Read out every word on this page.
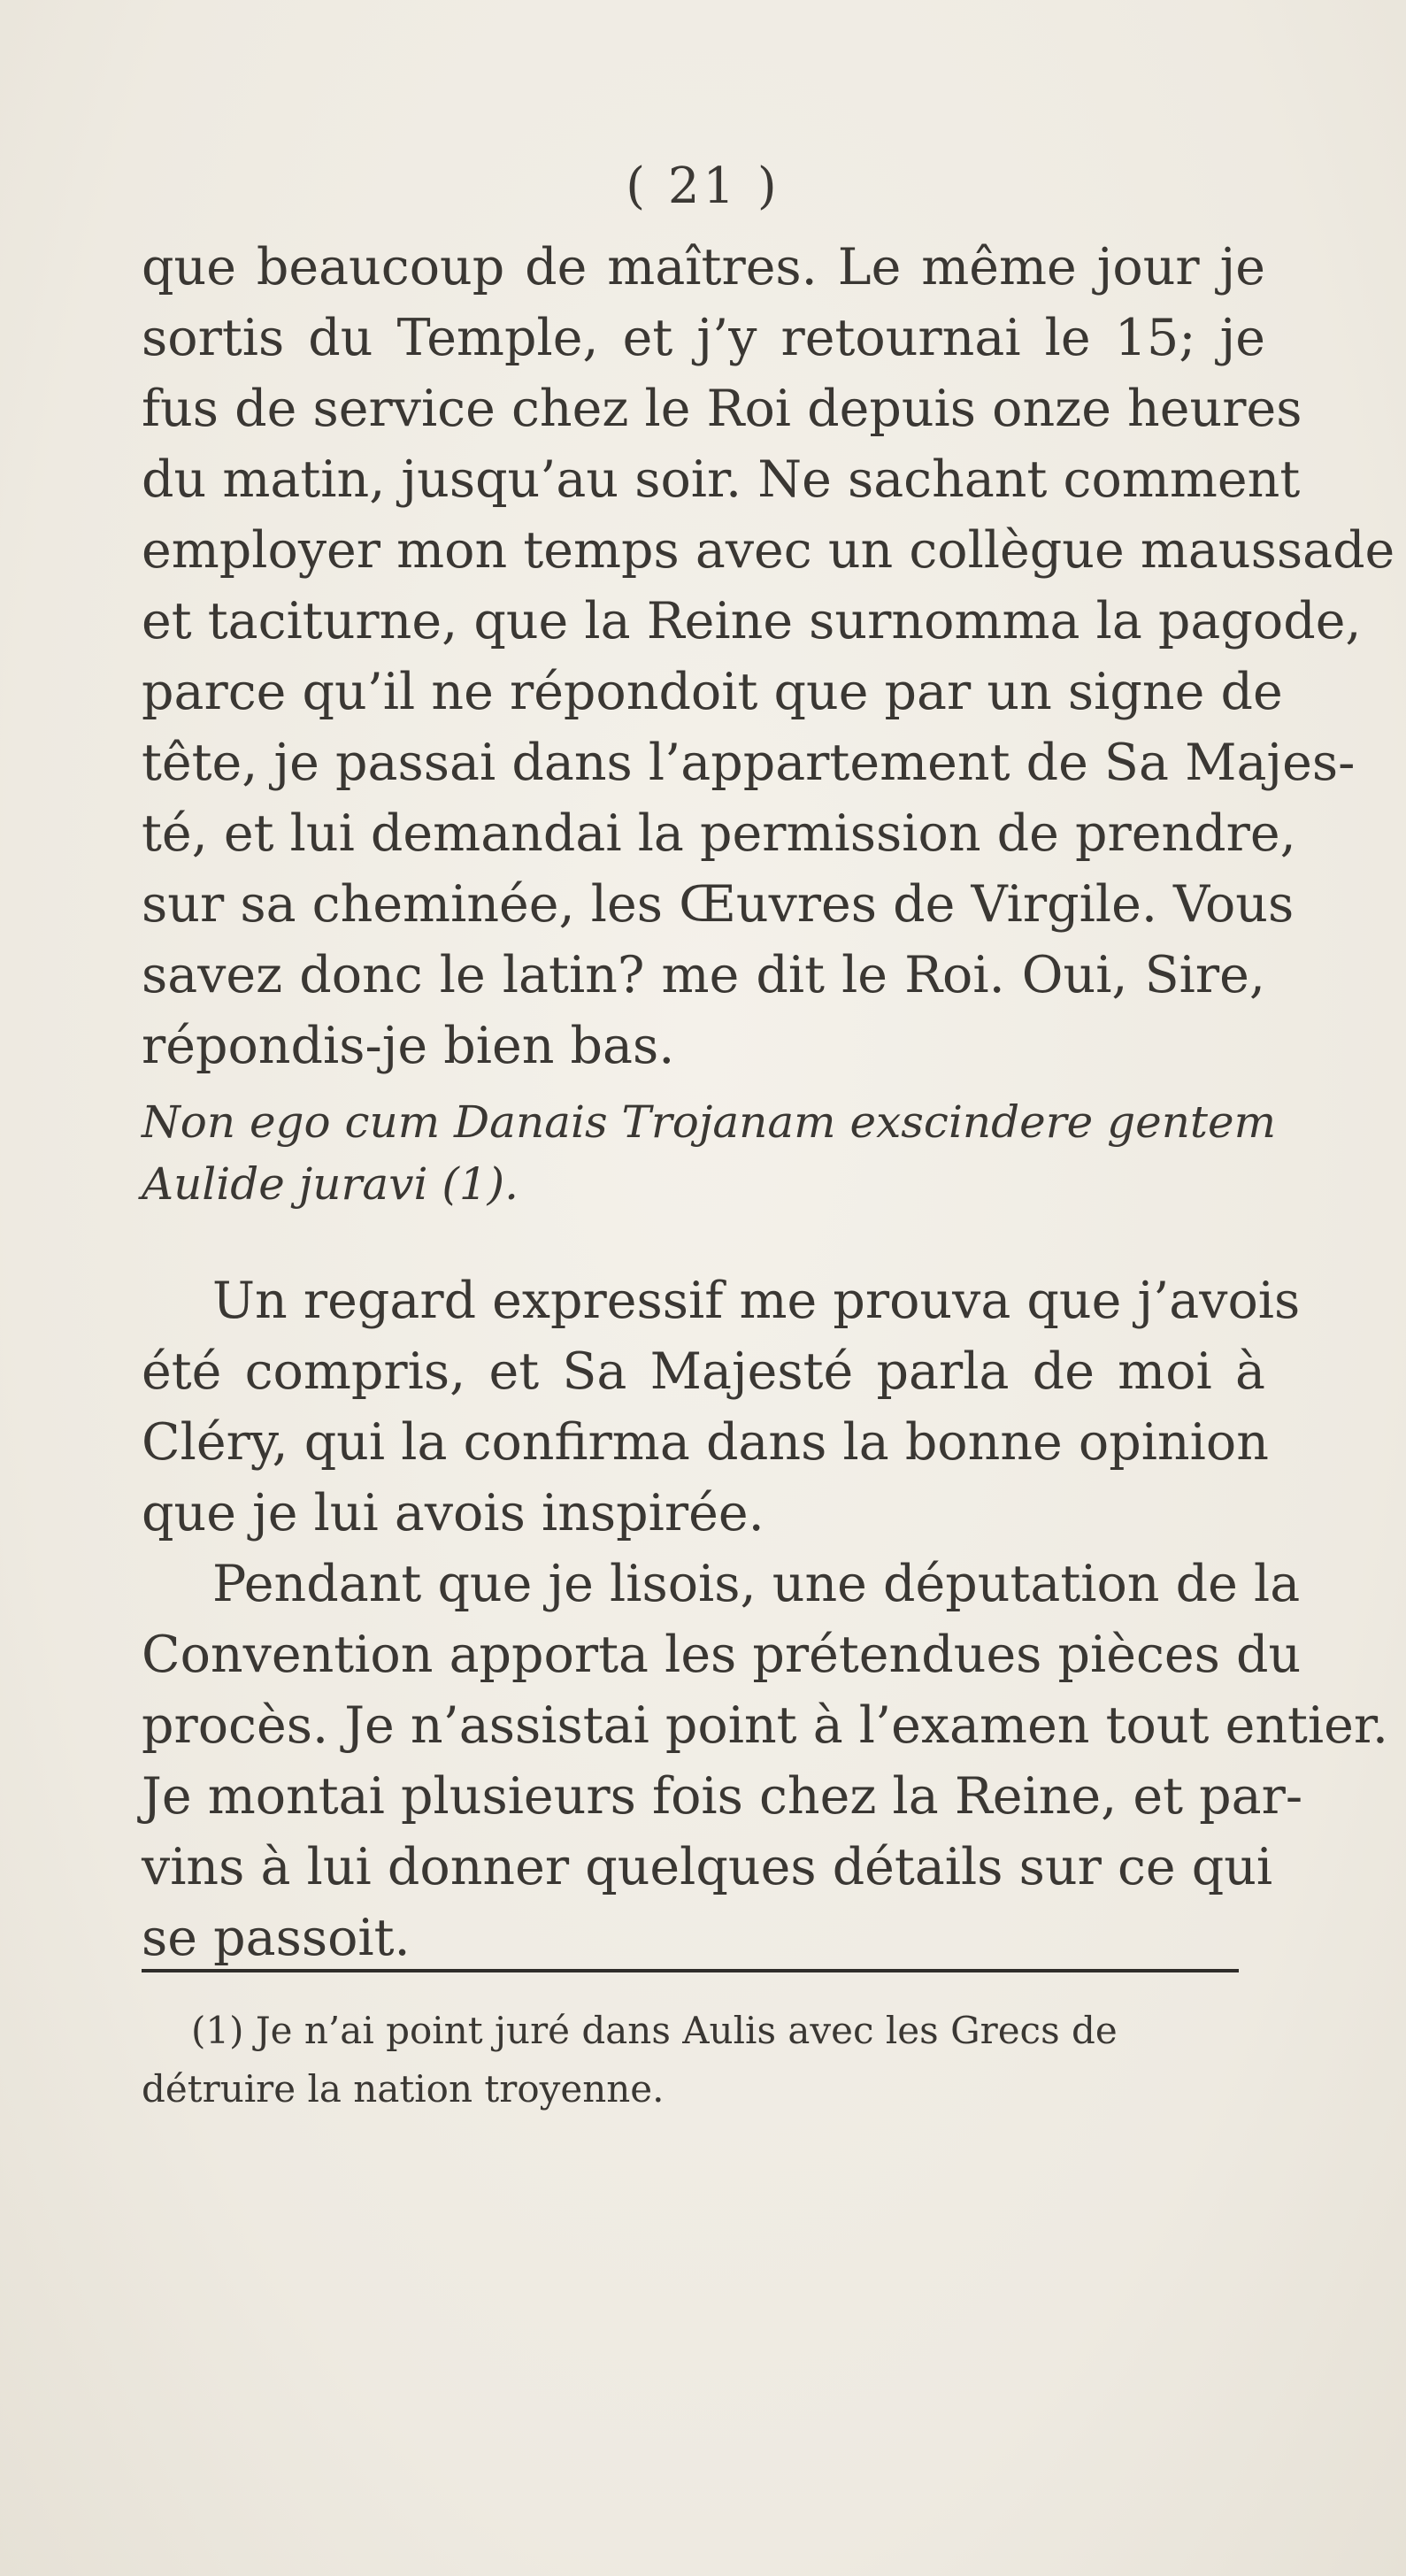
( 21 )
que beaucoup de maîtres. Le même jour je
sortis du Temple, et j’y retournai le 15; je
fus de service chez le Roi depuis onze heures
du matin, jusqu’au soir. Ne sachant comment
employer mon temps avec un collègue maussade
et taciturne, que la Reine surnomma la pagode,
parce qu’il ne répondoit que par un signe de
tête, je passai dans l’appartement de Sa Majes-
té, et lui demandai la permission de prendre,
sur sa cheminée, les Œuvres de Virgile. Vous
savez donc le latin? me dit le Roi. Oui, Sire,
répondis-je bien bas.
Non ego cum Danais Trojanam exscindere gentem
Aulide juravi (1).
Un regard expressif me prouva que j’avois
été compris, et Sa Majesté parla de moi à
Cléry, qui la confirma dans la bonne opinion
que je lui avois inspirée.
Pendant que je lisois, une députation de la
Convention apporta les prétendues pièces du
procès. Je n’assistai point à l’examen tout entier.
Je montai plusieurs fois chez la Reine, et par-
vins à lui donner quelques détails sur ce qui
se passoit.
(1) Je n’ai point juré dans Aulis avec les Grecs de
détruire la nation troyenne.
